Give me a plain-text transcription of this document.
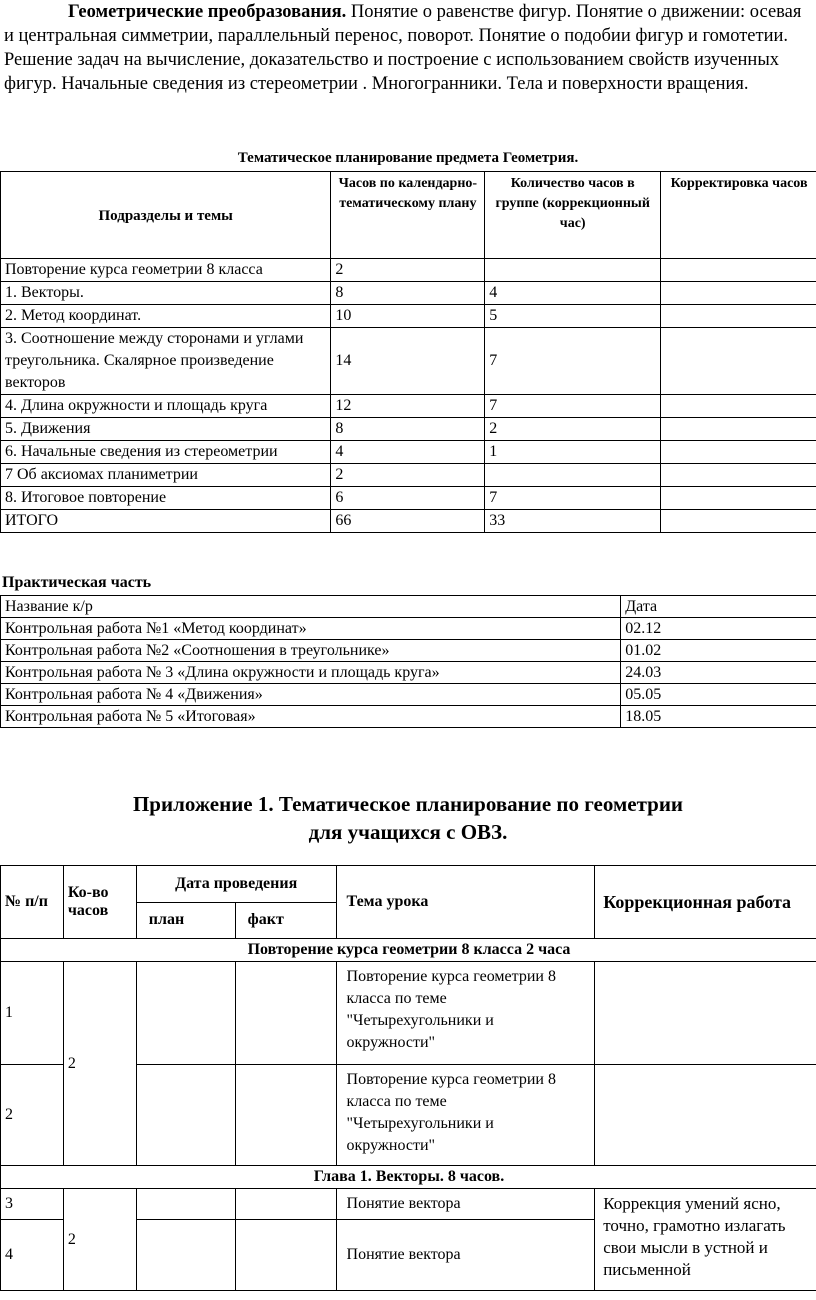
Геометрические преобразования. Понятие о равенстве фигур. Понятие о движении: осевая и центральная симметрии, параллельный перенос, поворот. Понятие о подобии фигур и гомотетии. Решение задач на вычисление, доказательство и построение с использованием свойств изученных фигур. Начальные сведения из стереометрии . Многогранники. Тела и поверхности вращения.
Тематическое планирование предмета Геометрия.
Подразделы и темы	Часов по календарно-тематическому плану	Количество часов в группе (коррекционный час)	Корректировка часов
Повторение курса геометрии 8 класса	2		
1. Векторы.	8	4	
2. Метод координат.	10	5	
3. Соотношение между сторонами и углами треугольника. Скалярное произведение векторов	14	7	
4. Длина окружности и площадь круга	12	7	
5. Движения	8	2	
6. Начальные сведения из стереометрии	4	1	
7 Об аксиомах планиметрии	2		
8. Итоговое повторение	6	7	
ИТОГО	66	33	
Практическая часть
Название к/р	Дата
Контрольная работа №1 «Метод координат»	02.12
Контрольная работа №2 «Соотношения в треугольнике»	01.02
Контрольная работа № 3 «Длина окружности и площадь круга»	24.03
Контрольная работа № 4 «Движения»	05.05
Контрольная работа № 5 «Итоговая»	18.05
Приложение 1. Тематическое планирование по геометрии
для учащихся с ОВЗ.
№ п/п	Ко-во часов	Дата проведения		Тема урока	Коррекционная работа
		план	факт		
Повторение курса геометрии 8 класса 2 часа					
1	2			Повторение курса геометрии 8 класса по теме "Четырехугольники и окружности"	
2				Повторение курса геометрии 8 класса по теме "Четырехугольники и окружности"	
Глава 1. Векторы. 8 часов.					
3	2			Понятие вектора	Коррекция умений ясно, точно, грамотно излагать свои мысли в устной и письменной
4				Понятие вектора	
